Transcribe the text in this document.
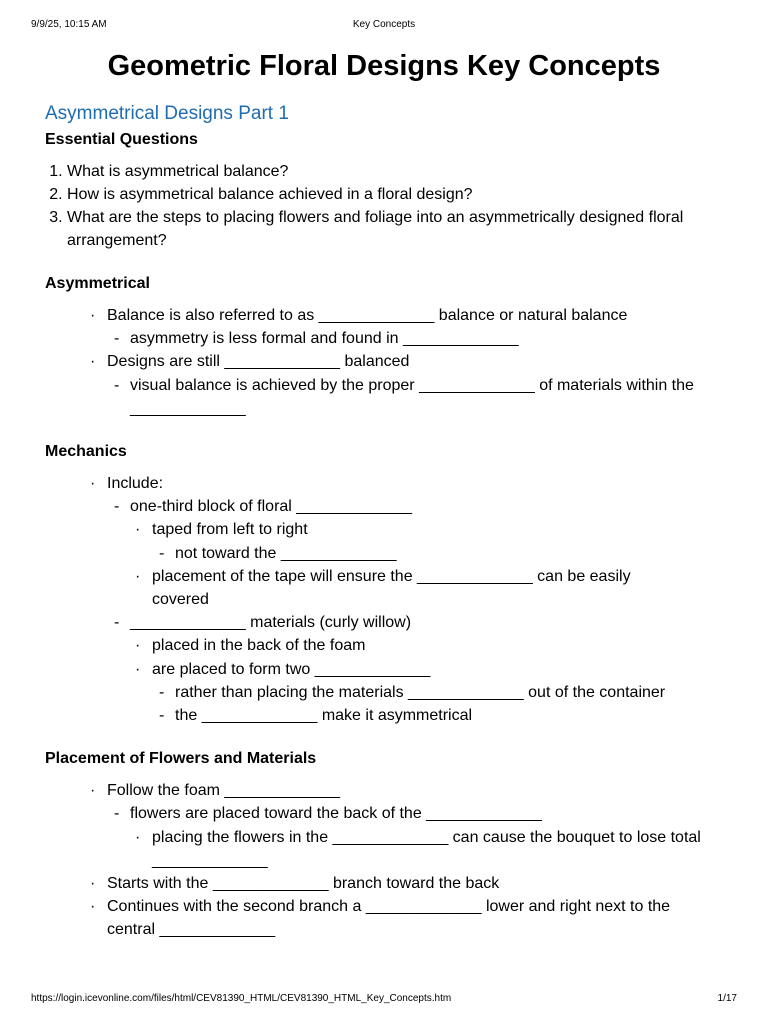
9/9/25, 10:15 AM	Key Concepts
Geometric Floral Designs Key Concepts
Asymmetrical Designs Part 1
Essential Questions
1. What is asymmetrical balance?
2. How is asymmetrical balance achieved in a floral design?
3. What are the steps to placing flowers and foliage into an asymmetrically designed floral arrangement?
Asymmetrical
· Balance is also referred to as _____________ balance or natural balance
- asymmetry is less formal and found in _____________
· Designs are still _____________ balanced
- visual balance is achieved by the proper _____________ of materials within the _____________
Mechanics
· Include:
- one-third block of floral _____________
· taped from left to right
- not toward the _____________
· placement of the tape will ensure the _____________ can be easily covered
- _____________ materials (curly willow)
· placed in the back of the foam
· are placed to form two _____________
- rather than placing the materials _____________ out of the container
- the _____________ make it asymmetrical
Placement of Flowers and Materials
· Follow the foam _____________
- flowers are placed toward the back of the _____________
· placing the flowers in the _____________ can cause the bouquet to lose total _____________
· Starts with the _____________ branch toward the back
· Continues with the second branch a _____________ lower and right next to the central _____________
https://login.icevonline.com/files/html/CEV81390_HTML/CEV81390_HTML_Key_Concepts.htm	1/17
